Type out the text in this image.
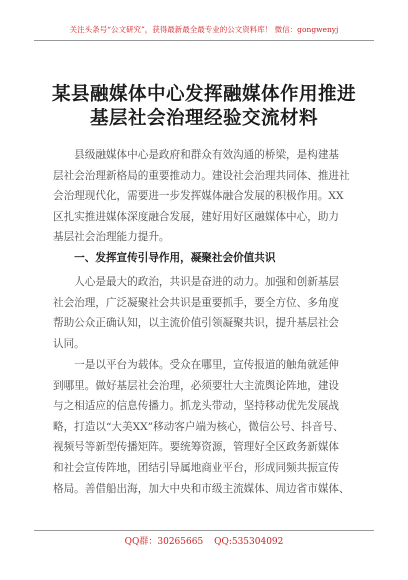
关注头条号“公文研究”，获得最新最全最专业的公文资料库！ 微信：gongwenyj
某县融媒体中心发挥融媒体作用推进
基层社会治理经验交流材料
　　县级融媒体中心是政府和群众有效沟通的桥梁，是构建基
层社会治理新格局的重要推动力。建设社会治理共同体、推进社
会治理现代化，需要进一步发挥媒体融合发展的积极作用。XX
区扎实推进媒体深度融合发展，建好用好区融媒体中心，助力
基层社会治理能力提升。
　　一、发挥宣传引导作用，凝聚社会价值共识
　　人心是最大的政治，共识是奋进的动力。加强和创新基层
社会治理，广泛凝聚社会共识是重要抓手，要全方位、多角度
帮助公众正确认知，以主流价值引领凝聚共识，提升基层社会
认同。
　　一是以平台为载体。受众在哪里，宣传报道的触角就延伸
到哪里。做好基层社会治理，必须要壮大主流舆论阵地，建设
与之相适应的信息传播力。抓龙头带动，坚持移动优先发展战
略，打造以“大美XX”移动客户端为核心，微信公号、抖音号、
视频号等新型传播矩阵。要统筹资源，管理好全区政务新媒体
和社会宣传阵地，团结引导属地商业平台，形成同频共振宣传
格局。善借船出海，加大中央和市级主流媒体、周边省市媒体、
QQ群：30265665 QQ:535304092
